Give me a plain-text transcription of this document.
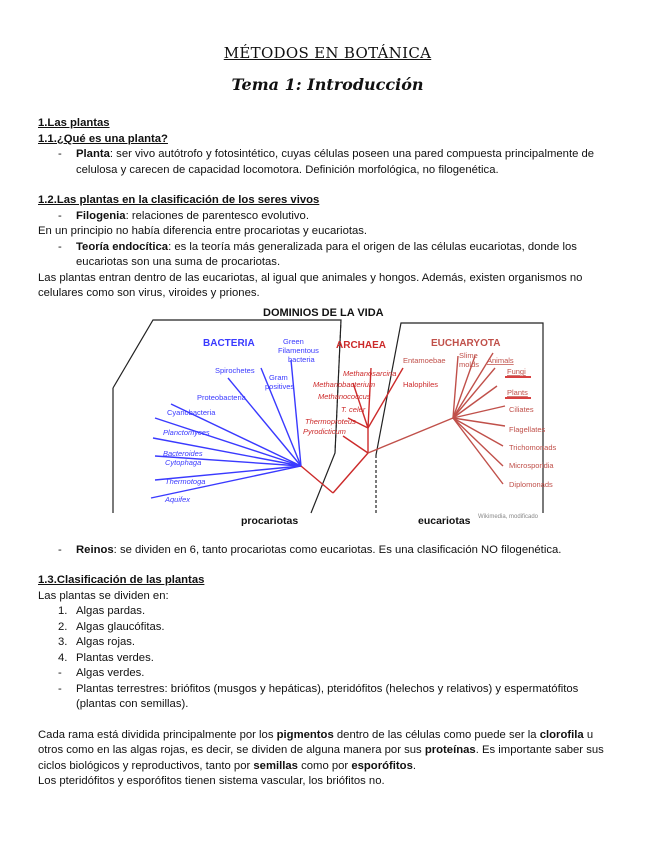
MÉTODOS EN BOTÁNICA
Tema 1: Introducción
1.Las plantas
1.1.¿Qué es una planta?
- Planta: ser vivo autótrofo y fotosintético, cuyas células poseen una pared compuesta principalmente de celulosa y carecen de capacidad locomotora. Definición morfológica, no filogenética.
1.2.Las plantas en la clasificación de los seres vivos
- Filogenia: relaciones de parentesco evolutivo.
En un principio no había diferencia entre procariotas y eucariotas.
- Teoría endocítica: es la teoría más generalizada para el origen de las células eucariotas, donde los eucariotas son una suma de procariotas.
Las plantas entran dentro de las eucariotas, al igual que animales y hongos. Además, existen organismos no celulares como son virus, viroides y priones.
DOMINIOS DE LA VIDA
BACTERIA	ARCHAEA	EUCHARYOTA
Spirochetes
Green
Filamentous
bacteria
Gram
positives
Proteobacteria
Cyanobacteria
Planctomyces
Bacteroides
Cytophaga
Thermotoga
Aquifex
Methanosarcina
Methanobacterium	Halophiles
Methanococcus
T. celer
Thermoproteus
Pyrodicticum
Entamoebae
Slime
molds Animals
Fungi
Plants
Ciliates
Flagellates
Trichomonads
Microsporidia
Diplomonads
procariotas	eucariotas Wikimedia, modificado
- Reinos: se dividen en 6, tanto procariotas como eucariotas. Es una clasificación NO filogenética.
1.3.Clasificación de las plantas
Las plantas se dividen en:
1. Algas pardas.
2. Algas glaucófitas.
3. Algas rojas.
4. Plantas verdes.
- Algas verdes.
- Plantas terrestres: briófitos (musgos y hepáticas), pteridófitos (helechos y relativos) y espermatófitos (plantas con semillas).
Cada rama está dividida principalmente por los pigmentos dentro de las células como puede ser la clorofila u otros como en las algas rojas, es decir, se dividen de alguna manera por sus proteínas. Es importante saber sus ciclos biológicos y reproductivos, tanto por semillas como por esporófitos.
Los pteridófitos y esporófitos tienen sistema vascular, los briófitos no.
